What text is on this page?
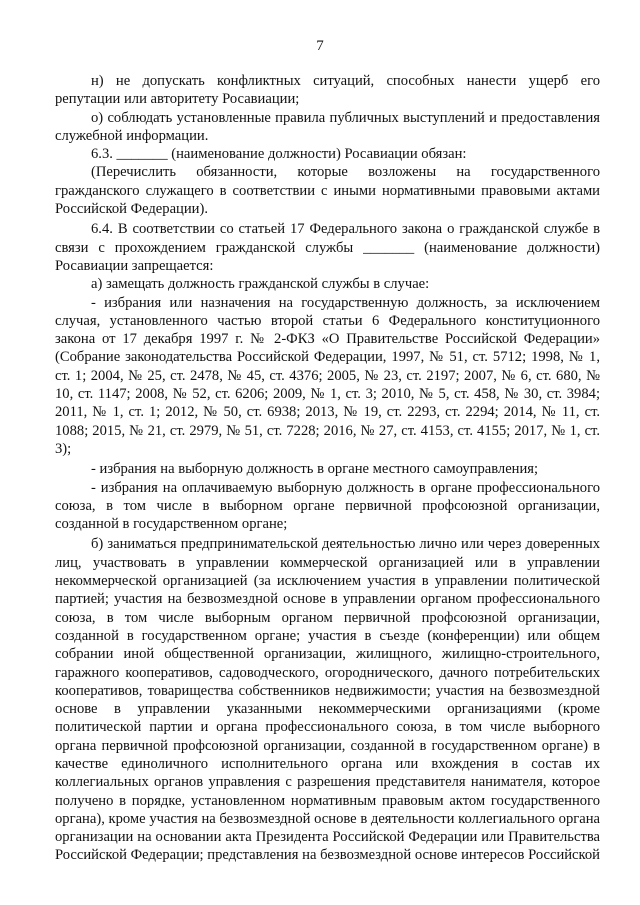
7

н) не допускать конфликтных ситуаций, способных нанести ущерб его репутации или авторитету Росавиации;

о) соблюдать установленные правила публичных выступлений и предоставления служебной информации.

6.3. _______ (наименование должности) Росавиации обязан:

(Перечислить обязанности, которые возложены на государственного гражданского служащего в соответствии с иными нормативными правовыми актами Российской Федерации).

6.4. В соответствии со статьей 17 Федерального закона о гражданской службе в связи с прохождением гражданской службы _______ (наименование должности) Росавиации запрещается:

а) замещать должность гражданской службы в случае:

- избрания или назначения на государственную должность, за исключением случая, установленного частью второй статьи 6 Федерального конституционного закона от 17 декабря 1997 г. № 2-ФКЗ «О Правительстве Российской Федерации» (Собрание законодательства Российской Федерации, 1997, № 51, ст. 5712; 1998, № 1, ст. 1; 2004, № 25, ст. 2478, № 45, ст. 4376; 2005, № 23, ст. 2197; 2007, № 6, ст. 680, № 10, ст. 1147; 2008, № 52, ст. 6206; 2009, № 1, ст. 3; 2010, № 5, ст. 458, № 30, ст. 3984; 2011, № 1, ст. 1; 2012, № 50, ст. 6938; 2013, № 19, ст. 2293, ст. 2294; 2014, № 11, ст. 1088; 2015, № 21, ст. 2979, № 51, ст. 7228; 2016, № 27, ст. 4153, ст. 4155; 2017, № 1, ст. 3);

- избрания на выборную должность в органе местного самоуправления;

- избрания на оплачиваемую выборную должность в органе профессионального союза, в том числе в выборном органе первичной профсоюзной организации, созданной в государственном органе;

б) заниматься предпринимательской деятельностью лично или через доверенных лиц, участвовать в управлении коммерческой организацией или в управлении некоммерческой организацией (за исключением участия в управлении политической партией; участия на безвозмездной основе в управлении органом профессионального союза, в том числе выборным органом первичной профсоюзной организации, созданной в государственном органе; участия в съезде (конференции) или общем собрании иной общественной организации, жилищного, жилищно-строительного, гаражного кооперативов, садоводческого, огороднического, дачного потребительских кооперативов, товарищества собственников недвижимости; участия на безвозмездной основе в управлении указанными некоммерческими организациями (кроме политической партии и органа профессионального союза, в том числе выборного органа первичной профсоюзной организации, созданной в государственном органе) в качестве единоличного исполнительного органа или вхождения в состав их коллегиальных органов управления с разрешения представителя нанимателя, которое получено в порядке, установленном нормативным правовым актом государственного органа), кроме участия на безвозмездной основе в деятельности коллегиального органа организации на основании акта Президента Российской Федерации или Правительства Российской Федерации; представления на безвозмездной основе интересов Российской
